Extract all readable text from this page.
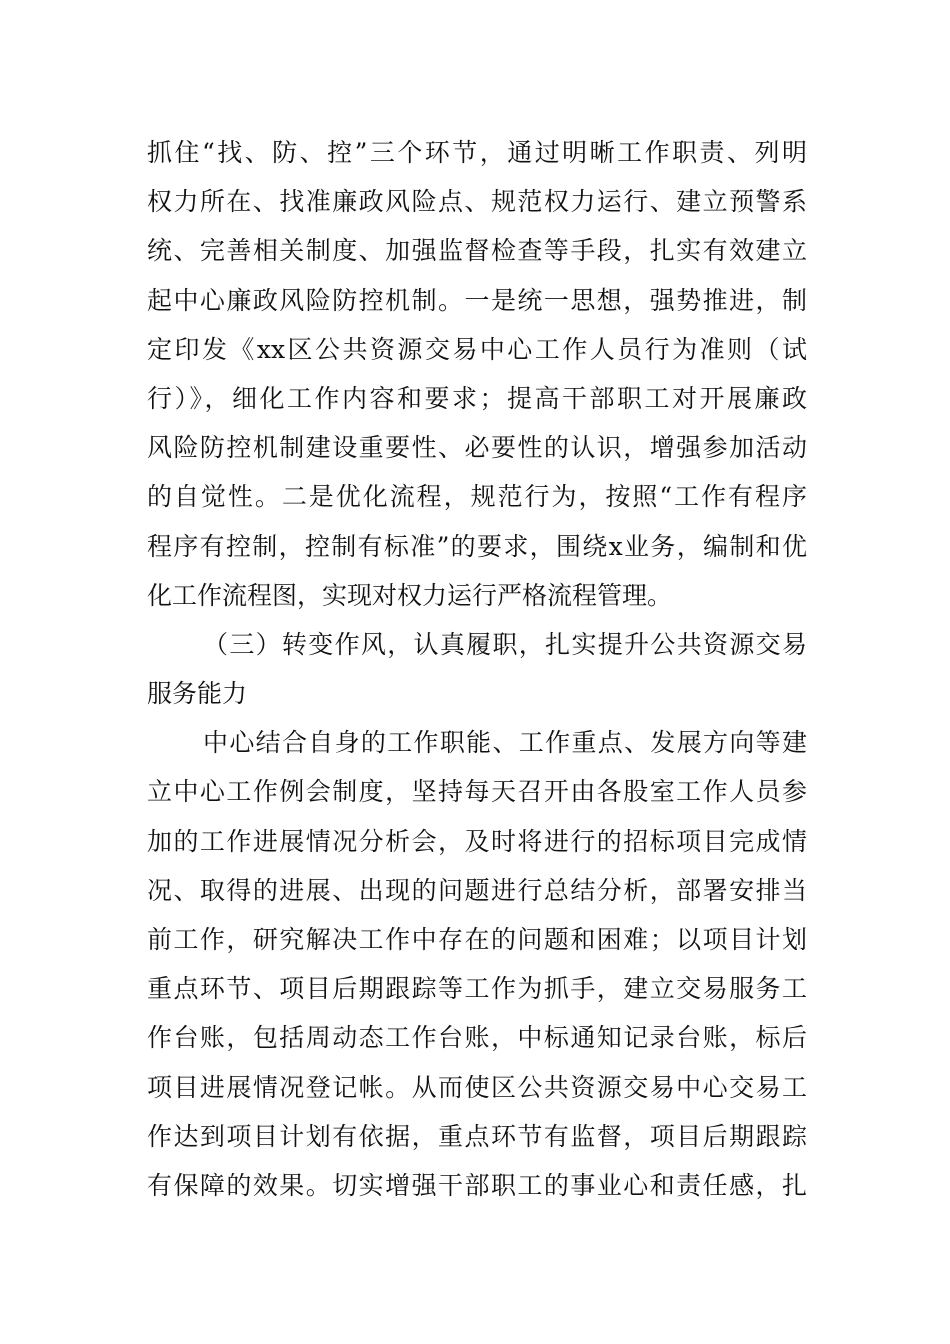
抓住“找、防、控”三个环节，通过明晰工作职责、列明
权力所在、找准廉政风险点、规范权力运行、建立预警系
统、完善相关制度、加强监督检查等手段，扎实有效建立
起中心廉政风险防控机制。一是统一思想，强势推进，制
定印发《xx区公共资源交易中心工作人员行为准则（试
行）》，细化工作内容和要求；提高干部职工对开展廉政
风险防控机制建设重要性、必要性的认识，增强参加活动
的自觉性。二是优化流程，规范行为，按照“工作有程序
程序有控制，控制有标准”的要求，围绕x业务，编制和优
化工作流程图，实现对权力运行严格流程管理。
（三）转变作风，认真履职，扎实提升公共资源交易
服务能力
中心结合自身的工作职能、工作重点、发展方向等建
立中心工作例会制度，坚持每天召开由各股室工作人员参
加的工作进展情况分析会，及时将进行的招标项目完成情
况、取得的进展、出现的问题进行总结分析，部署安排当
前工作，研究解决工作中存在的问题和困难；以项目计划
重点环节、项目后期跟踪等工作为抓手，建立交易服务工
作台账，包括周动态工作台账，中标通知记录台账，标后
项目进展情况登记帐。从而使区公共资源交易中心交易工
作达到项目计划有依据，重点环节有监督，项目后期跟踪
有保障的效果。切实增强干部职工的事业心和责任感，扎
